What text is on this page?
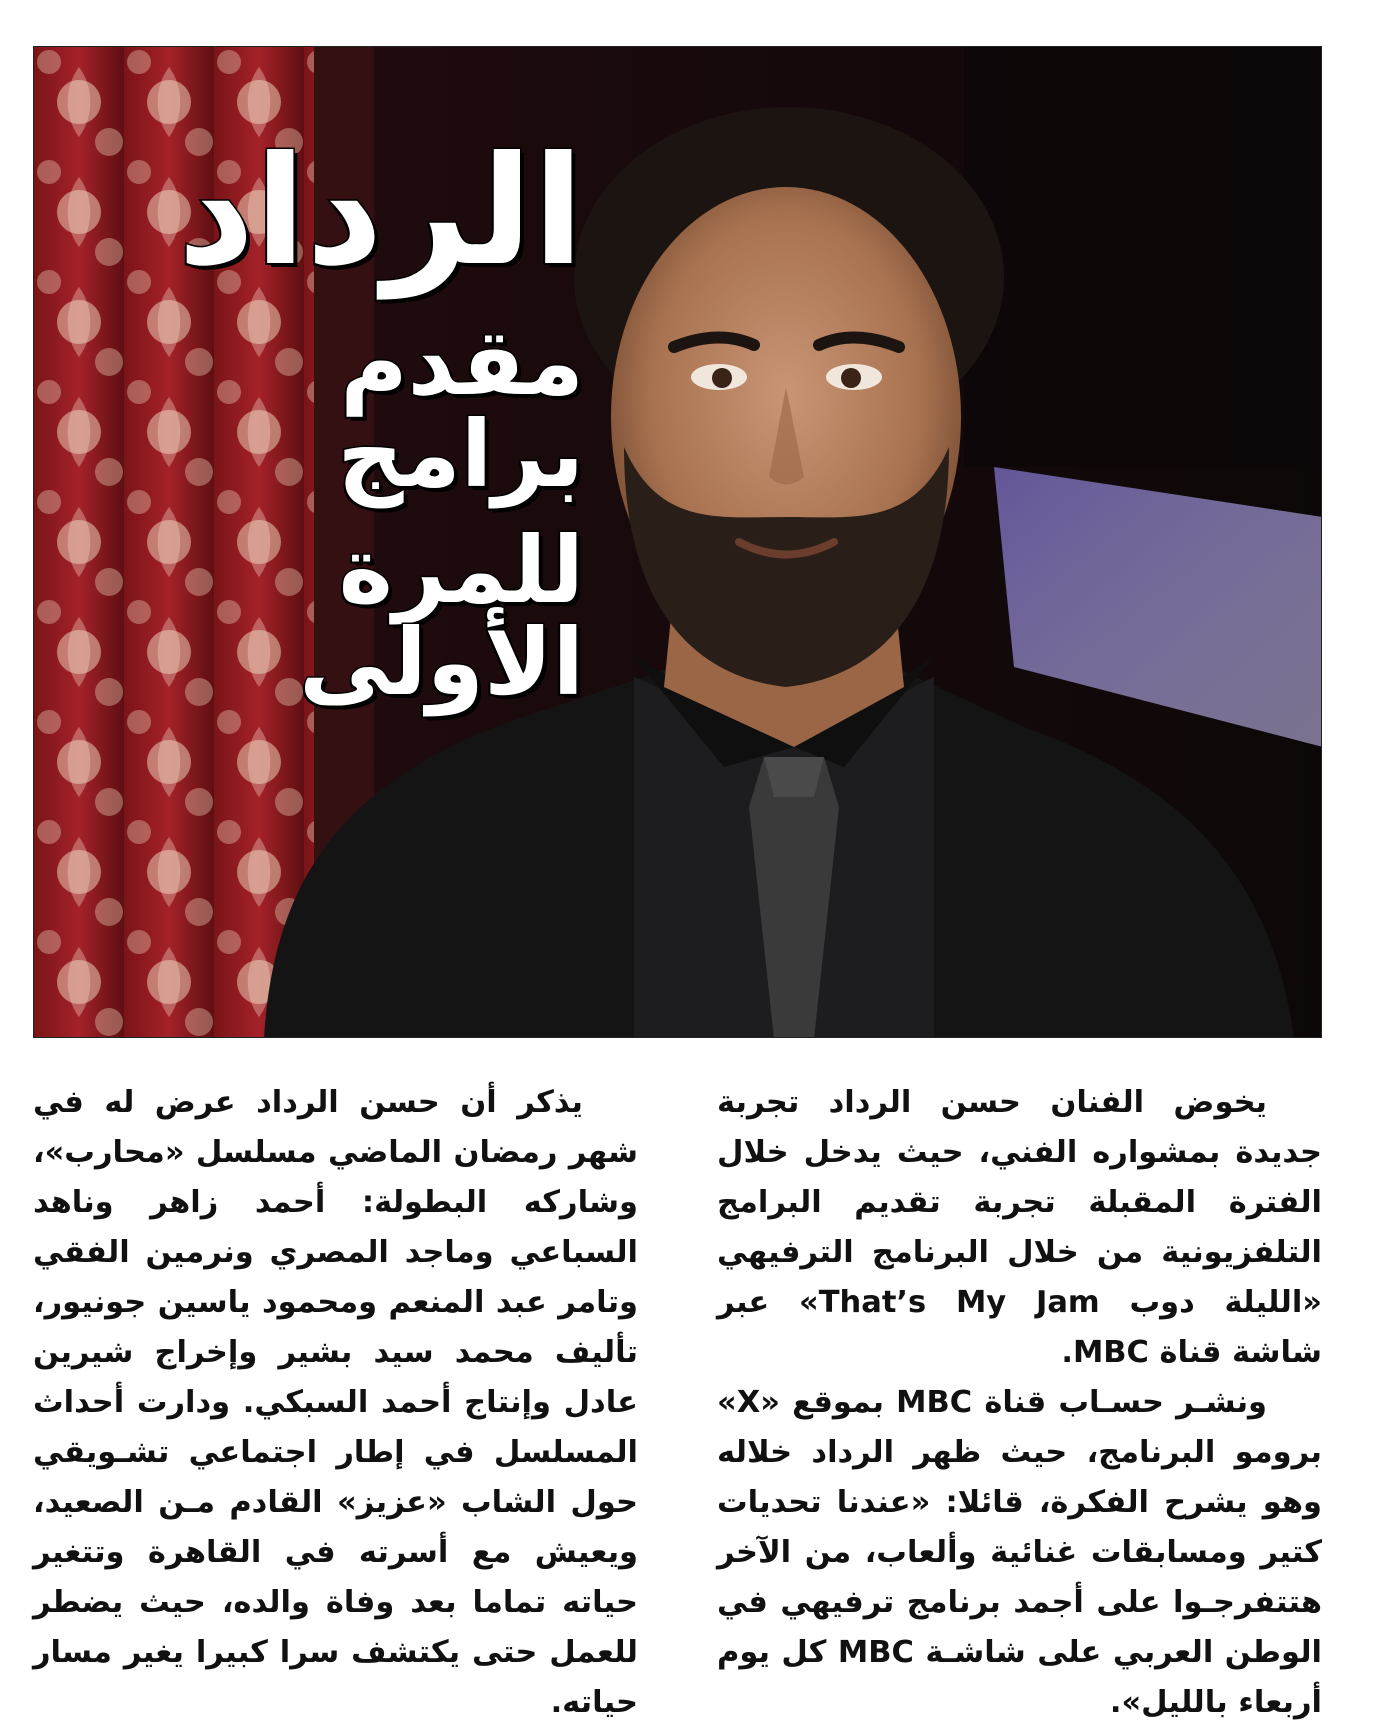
الرداد
مقدم برامج
للمرة الأولى

يخوض الفنان حسن الرداد تجربة جديدة بمشواره الفني، حيث يدخل خلال الفترة المقبلة تجربة تقديم البرامج التلفزيونية من خلال البرنامج الترفيهي «الليلة دوب That’s My Jam» عبر شاشة قناة MBC.

ونشـر حسـاب قناة MBC بموقع «X» برومو البرنامج، حيث ظهر الرداد خلاله وهو يشرح الفكرة، قائلا: «عندنا تحديات كتير ومسابقات غنائية وألعاب، من الآخر هتتفرجـوا على أجمد برنامج ترفيهي في الوطن العربي على شاشـة MBC كل يوم أربعاء بالليل».

يذكر أن حسن الرداد عرض له في شهر رمضان الماضي مسلسل «محارب»، وشاركه البطولة: أحمد زاهر وناهد السباعي وماجد المصري ونرمين الفقي وتامر عبد المنعم ومحمود ياسين جونيور، تأليف محمد سيد بشير وإخراج شيرين عادل وإنتاج أحمد السبكي. ودارت أحداث المسلسل في إطار اجتماعي تشـويقي حول الشاب «عزيز» القادم مـن الصعيد، ويعيش مع أسرته في القاهرة وتتغير حياته تماما بعد وفاة والده، حيث يضطر للعمل حتى يكتشف سرا كبيرا يغير مسار حياته.
